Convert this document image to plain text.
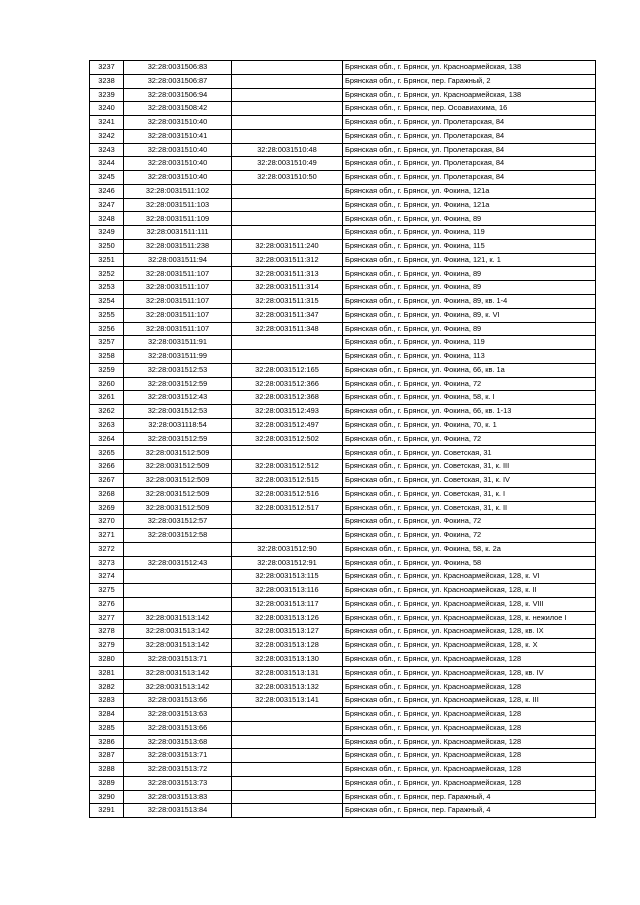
3237	32:28:0031506:83		Брянская обл., г. Брянск, ул. Красноармейская, 138
3238	32:28:0031506:87		Брянская обл., г. Брянск, пер. Гаражный, 2
3239	32:28:0031506:94		Брянская обл., г. Брянск, ул. Красноармейская, 138
3240	32:28:0031508:42		Брянская обл., г. Брянск, пер. Осоавиахима, 16
3241	32:28:0031510:40		Брянская обл., г. Брянск, ул. Пролетарская, 84
3242	32:28:0031510:41		Брянская обл., г. Брянск, ул. Пролетарская, 84
3243	32:28:0031510:40	32:28:0031510:48	Брянская обл., г. Брянск, ул. Пролетарская, 84
3244	32:28:0031510:40	32:28:0031510:49	Брянская обл., г. Брянск, ул. Пролетарская, 84
3245	32:28:0031510:40	32:28:0031510:50	Брянская обл., г. Брянск, ул. Пролетарская, 84
3246	32:28:0031511:102		Брянская обл., г. Брянск, ул. Фокина, 121а
3247	32:28:0031511:103		Брянская обл., г. Брянск, ул. Фокина, 121а
3248	32:28:0031511:109		Брянская обл., г. Брянск, ул. Фокина, 89
3249	32:28:0031511:111		Брянская обл., г. Брянск, ул. Фокина, 119
3250	32:28:0031511:238	32:28:0031511:240	Брянская обл., г. Брянск, ул. Фокина, 115
3251	32:28:0031511:94	32:28:0031511:312	Брянская обл., г. Брянск, ул. Фокина, 121, к. 1
3252	32:28:0031511:107	32:28:0031511:313	Брянская обл., г. Брянск, ул. Фокина, 89
3253	32:28:0031511:107	32:28:0031511:314	Брянская обл., г. Брянск, ул. Фокина, 89
3254	32:28:0031511:107	32:28:0031511:315	Брянская обл., г. Брянск, ул. Фокина, 89, кв. 1-4
3255	32:28:0031511:107	32:28:0031511:347	Брянская обл., г. Брянск, ул. Фокина, 89, к. VI
3256	32:28:0031511:107	32:28:0031511:348	Брянская обл., г. Брянск, ул. Фокина, 89
3257	32:28:0031511:91		Брянская обл., г. Брянск, ул. Фокина, 119
3258	32:28:0031511:99		Брянская обл., г. Брянск, ул. Фокина, 113
3259	32:28:0031512:53	32:28:0031512:165	Брянская обл., г. Брянск, ул. Фокина, 66, кв. 1а
3260	32:28:0031512:59	32:28:0031512:366	Брянская обл., г. Брянск, ул. Фокина, 72
3261	32:28:0031512:43	32:28:0031512:368	Брянская обл., г. Брянск, ул. Фокина, 58, к. I
3262	32:28:0031512:53	32:28:0031512:493	Брянская обл., г. Брянск, ул. Фокина, 66, кв. 1-13
3263	32:28:0031118:54	32:28:0031512:497	Брянская обл., г. Брянск, ул. Фокина, 70, к. 1
3264	32:28:0031512:59	32:28:0031512:502	Брянская обл., г. Брянск, ул. Фокина, 72
3265	32:28:0031512:509		Брянская обл., г. Брянск, ул. Советская, 31
3266	32:28:0031512:509	32:28:0031512:512	Брянская обл., г. Брянск, ул. Советская, 31, к. III
3267	32:28:0031512:509	32:28:0031512:515	Брянская обл., г. Брянск, ул. Советская, 31, к. IV
3268	32:28:0031512:509	32:28:0031512:516	Брянская обл., г. Брянск, ул. Советская, 31, к. I
3269	32:28:0031512:509	32:28:0031512:517	Брянская обл., г. Брянск, ул. Советская, 31, к. II
3270	32:28:0031512:57		Брянская обл., г. Брянск, ул. Фокина, 72
3271	32:28:0031512:58		Брянская обл., г. Брянск, ул. Фокина, 72
3272		32:28:0031512:90	Брянская обл., г. Брянск, ул. Фокина, 58, к. 2а
3273	32:28:0031512:43	32:28:0031512:91	Брянская обл., г. Брянск, ул. Фокина, 58
3274		32:28:0031513:115	Брянская обл., г. Брянск, ул. Красноармейская, 128, к. VI
3275		32:28:0031513:116	Брянская обл., г. Брянск, ул. Красноармейская, 128, к. II
3276		32:28:0031513:117	Брянская обл., г. Брянск, ул. Красноармейская, 128, к. VIII
3277	32:28:0031513:142	32:28:0031513:126	Брянская обл., г. Брянск, ул. Красноармейская, 128, к. нежилое I
3278	32:28:0031513:142	32:28:0031513:127	Брянская обл., г. Брянск, ул. Красноармейская, 128, кв. IX
3279	32:28:0031513:142	32:28:0031513:128	Брянская обл., г. Брянск, ул. Красноармейская, 128, к. X
3280	32:28:0031513:71	32:28:0031513:130	Брянская обл., г. Брянск, ул. Красноармейская, 128
3281	32:28:0031513:142	32:28:0031513:131	Брянская обл., г. Брянск, ул. Красноармейская, 128, кв. IV
3282	32:28:0031513:142	32:28:0031513:132	Брянская обл., г. Брянск, ул. Красноармейская, 128
3283	32:28:0031513:66	32:28:0031513:141	Брянская обл., г. Брянск, ул. Красноармейская, 128, к. III
3284	32:28:0031513:63		Брянская обл., г. Брянск, ул. Красноармейская, 128
3285	32:28:0031513:66		Брянская обл., г. Брянск, ул. Красноармейская, 128
3286	32:28:0031513:68		Брянская обл., г. Брянск, ул. Красноармейская, 128
3287	32:28:0031513:71		Брянская обл., г. Брянск, ул. Красноармейская, 128
3288	32:28:0031513:72		Брянская обл., г. Брянск, ул. Красноармейская, 128
3289	32:28:0031513:73		Брянская обл., г. Брянск, ул. Красноармейская, 128
3290	32:28:0031513:83		Брянская обл., г. Брянск, пер. Гаражный, 4
3291	32:28:0031513:84		Брянская обл., г. Брянск, пер. Гаражный, 4
